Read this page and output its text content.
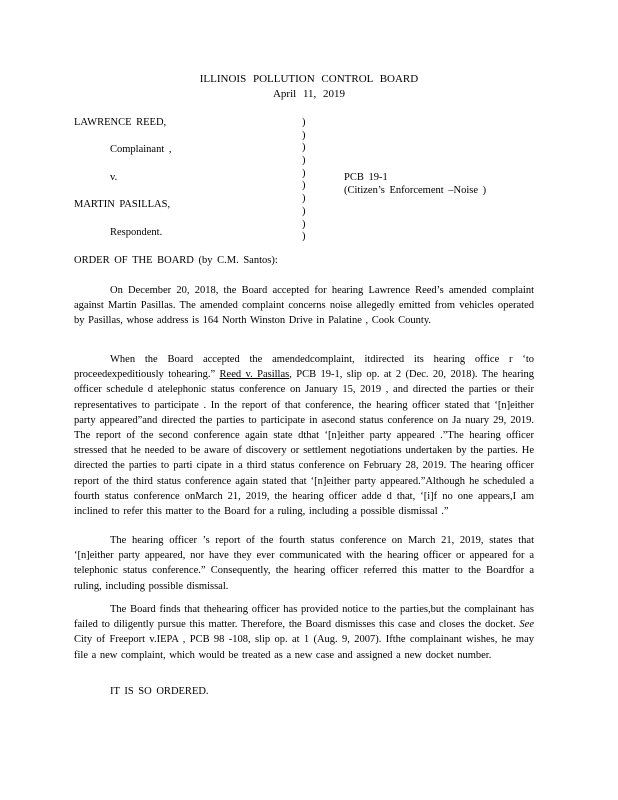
ILLINOIS POLLUTION CONTROL BOARD
April 11, 2019
LAWRENCE REED,
Complainant ,
v.
MARTIN PASILLAS,
Respondent.
)
)
)
)
)
)
)
)
)
)
PCB 19-1
(Citizen’s Enforcement –Noise )
ORDER OF THE BOARD (by C.M. Santos):

On December 20, 2018, the Board accepted for hearing Lawrence Reed’s amended complaint against Martin Pasillas. The amended complaint concerns noise allegedly emitted from vehicles operated by Pasillas, whose address is 164 North Winston Drive in Palatine , Cook County.

When the Board accepted the amendedcomplaint, itdirected its hearing office r ‘to proceedexpeditiously tohearing.” Reed v. Pasillas, PCB 19-1, slip op. at 2 (Dec. 20, 2018). The hearing officer schedule d atelephonic status conference on January 15, 2019 , and directed the parties or their representatives to participate . In the report of that conference, the hearing officer stated that ‘[n]either party appeared”and directed the parties to participate in asecond status conference on Ja nuary 29, 2019. The report of the second conference again state dthat ‘[n]either party appeared .”The hearing officer stressed that he needed to be aware of discovery or settlement negotiations undertaken by the parties. He directed the parties to parti cipate in a third status conference on February 28, 2019. The hearing officer report of the third status conference again stated that ‘[n]either party appeared.”Although he scheduled a fourth status conference onMarch 21, 2019, the hearing officer adde d that, ‘[i]f no one appears,I am inclined to refer this matter to the Board for a ruling, including a possible dismissal .”

The hearing officer ’s report of the fourth status conference on March 21, 2019, states that ‘[n]either party appeared, nor have they ever communicated with the hearing officer or appeared for a telephonic status conference.” Consequently, the hearing officer referred this matter to the Boardfor a ruling, including possible dismissal.

The Board finds that thehearing officer has provided notice to the parties,but the complainant has failed to diligently pursue this matter. Therefore, the Board dismisses this case and closes the docket. See City of Freeport v.IEPA , PCB 98 -108, slip op. at 1 (Aug. 9, 2007). Ifthe complainant wishes, he may file a new complaint, which would be treated as a new case and assigned a new docket number.

IT IS SO ORDERED.
